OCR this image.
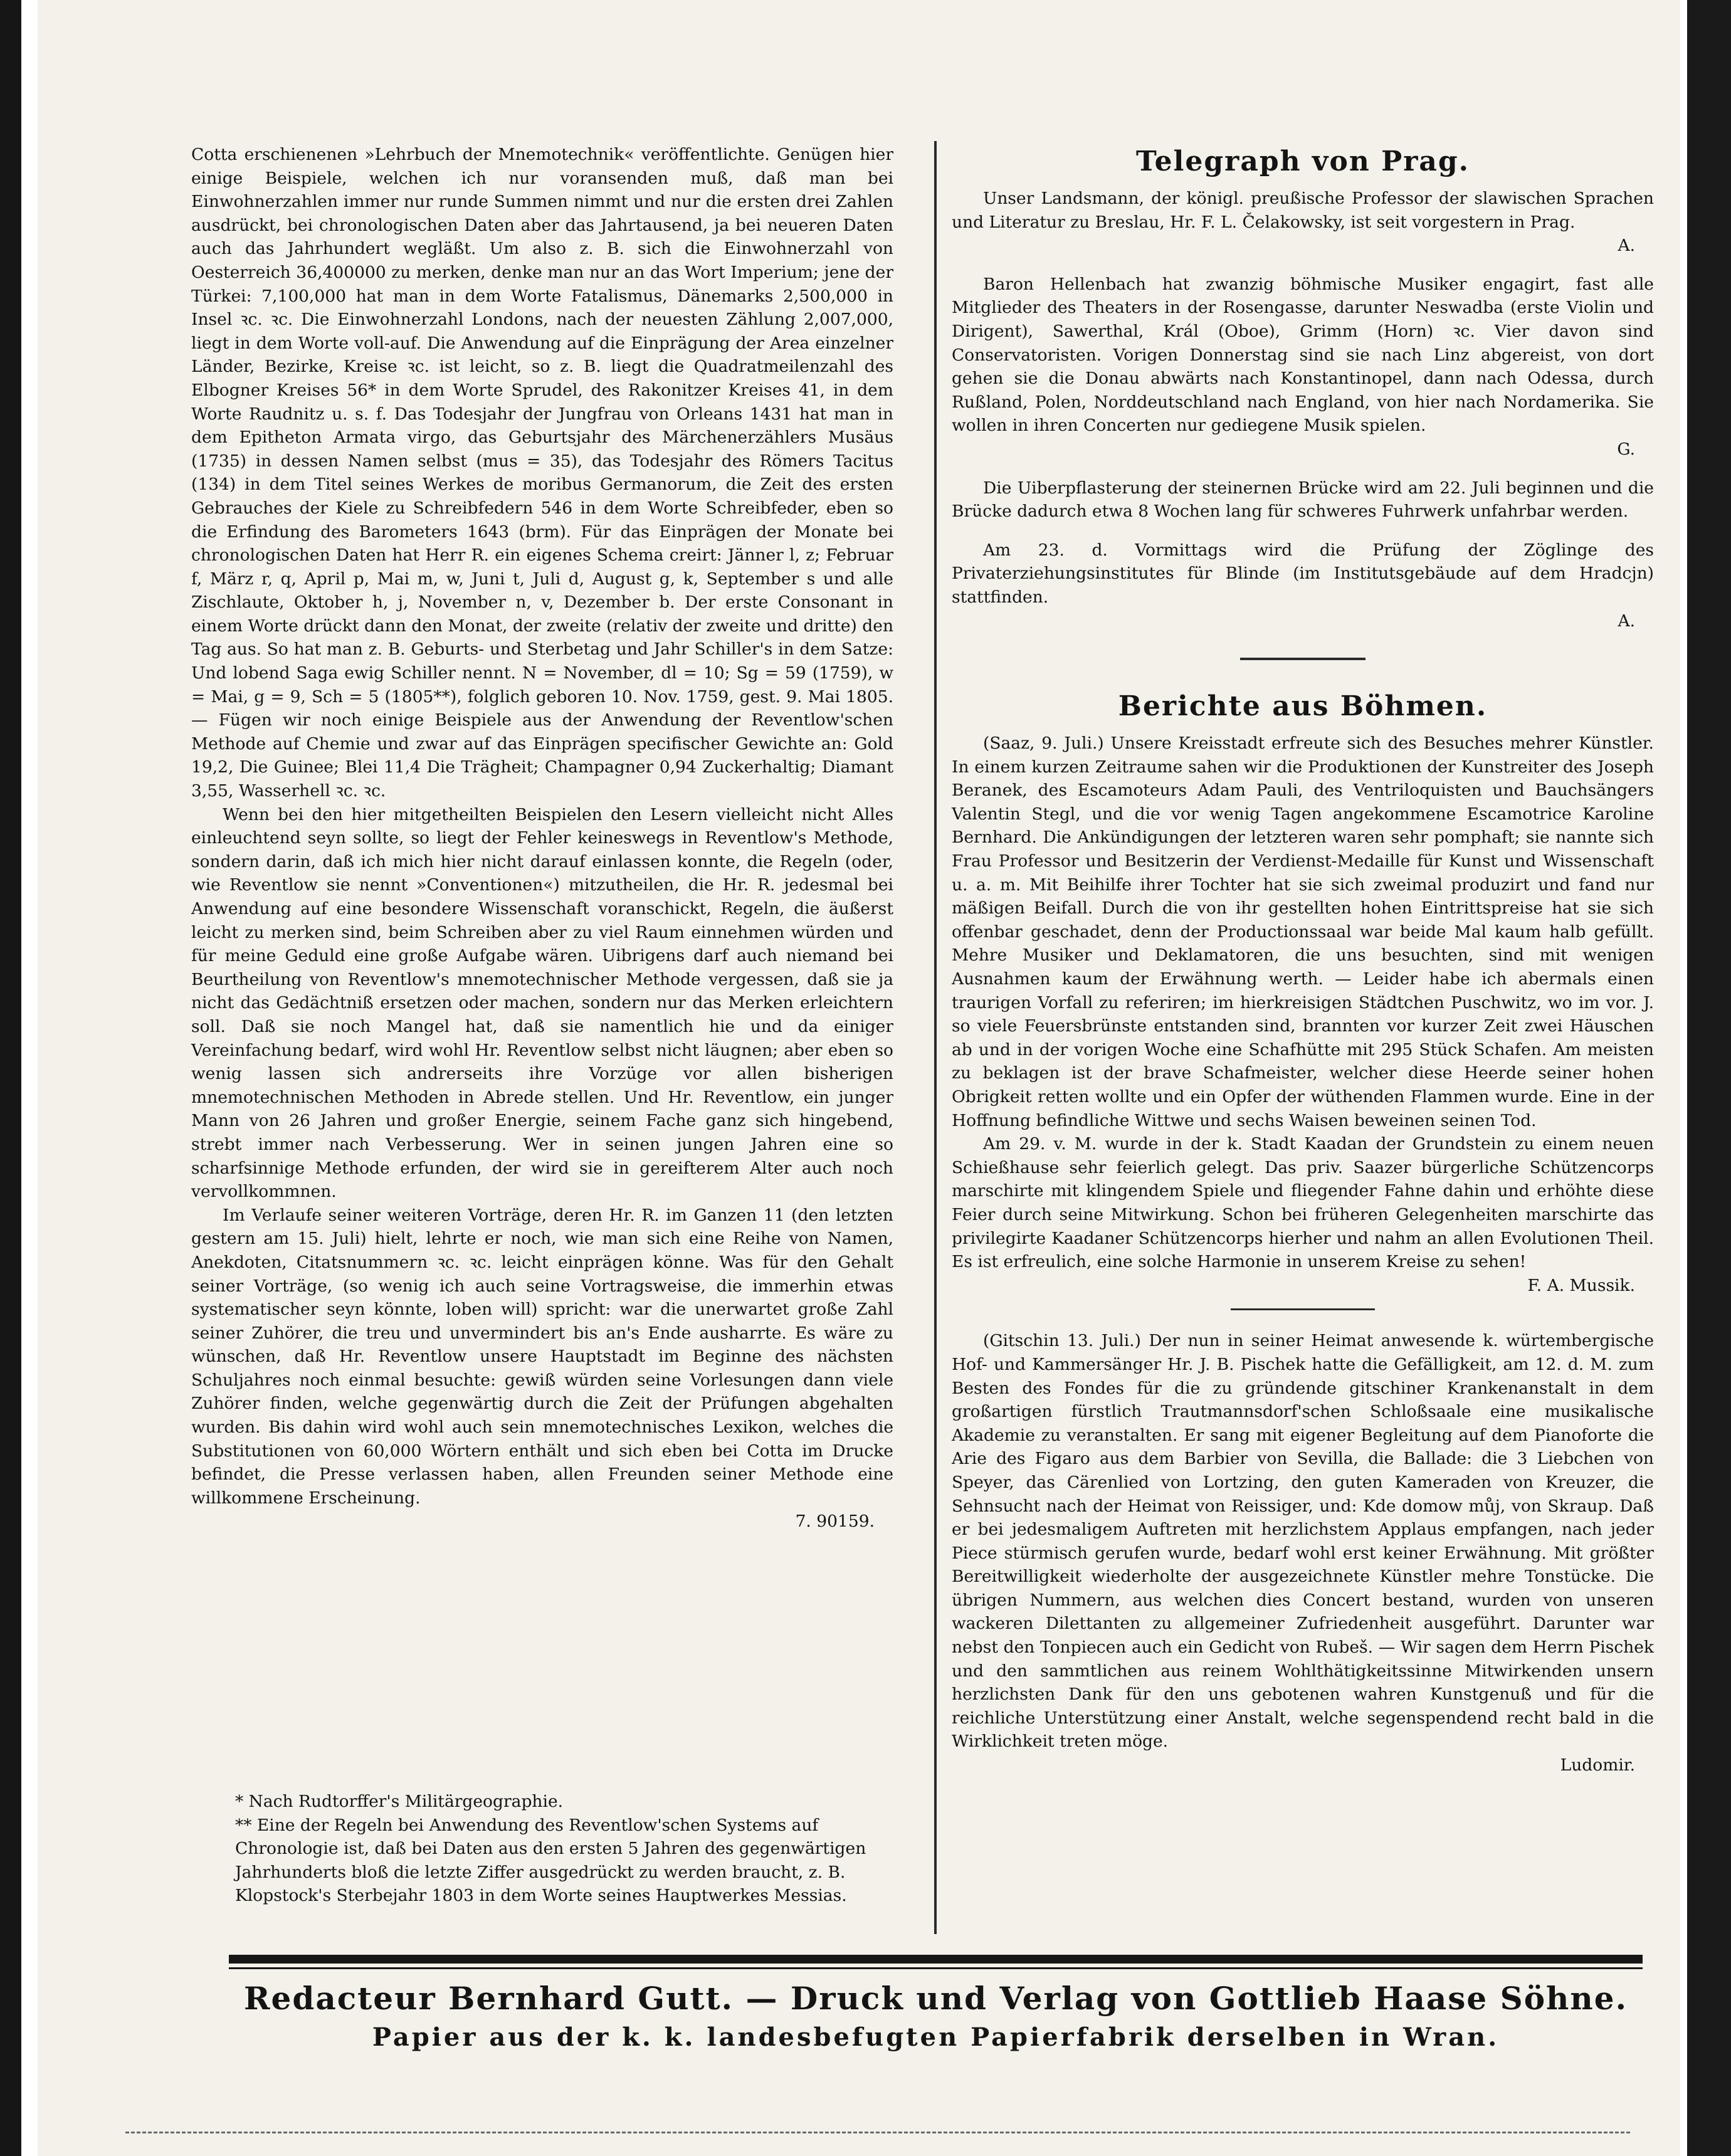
Cotta erschienenen »Lehrbuch der Mnemotechnik« veröffentlichte. Genügen hier einige Beispiele, welchen ich nur voransenden muß, daß man bei Einwohnerzahlen immer nur runde Summen nimmt und nur die ersten drei Zahlen ausdrückt, bei chronologischen Daten aber das Jahrtausend, ja bei neueren Daten auch das Jahrhundert wegläßt. Um also z. B. sich die Einwohnerzahl von Oesterreich 36,400000 zu merken, denke man nur an das Wort Imperium; jene der Türkei: 7,100,000 hat man in dem Worte Fatalismus, Dänemarks 2,500,000 in Insel ꝛc. ꝛc. Die Einwohnerzahl Londons, nach der neuesten Zählung 2,007,000, liegt in dem Worte voll-auf. Die Anwendung auf die Einprägung der Area einzelner Länder, Bezirke, Kreise ꝛc. ist leicht, so z. B. liegt die Quadratmeilenzahl des Elbogner Kreises 56* in dem Worte Sprudel, des Rakonitzer Kreises 41, in dem Worte Raudnitz u. s. f. Das Todesjahr der Jungfrau von Orleans 1431 hat man in dem Epitheton Armata virgo, das Geburtsjahr des Märchenerzählers Musäus (1735) in dessen Namen selbst (mus = 35), das Todesjahr des Römers Tacitus (134) in dem Titel seines Werkes de moribus Germanorum, die Zeit des ersten Gebrauches der Kiele zu Schreibfedern 546 in dem Worte Schreibfeder, eben so die Erfindung des Barometers 1643 (brm). Für das Einprägen der Monate bei chronologischen Daten hat Herr R. ein eigenes Schema creirt: Jänner l, z; Februar f, März r, q, April p, Mai m, w, Juni t, Juli d, August g, k, September s und alle Zischlaute, Oktober h, j, November n, v, Dezember b. Der erste Consonant in einem Worte drückt dann den Monat, der zweite (relativ der zweite und dritte) den Tag aus. So hat man z. B. Geburts- und Sterbetag und Jahr Schiller's in dem Satze: Und lobend Saga ewig Schiller nennt. N = November, dl = 10; Sg = 59 (1759), w = Mai, g = 9, Sch = 5 (1805**), folglich geboren 10. Nov. 1759, gest. 9. Mai 1805. — Fügen wir noch einige Beispiele aus der Anwendung der Reventlow'schen Methode auf Chemie und zwar auf das Einprägen specifischer Gewichte an: Gold 19,2, Die Guinee; Blei 11,4 Die Trägheit; Champagner 0,94 Zuckerhaltig; Diamant 3,55, Wasserhell ꝛc. ꝛc.

Wenn bei den hier mitgetheilten Beispielen den Lesern vielleicht nicht Alles einleuchtend seyn sollte, so liegt der Fehler keineswegs in Reventlow's Methode, sondern darin, daß ich mich hier nicht darauf einlassen konnte, die Regeln (oder, wie Reventlow sie nennt »Conventionen«) mitzutheilen, die Hr. R. jedesmal bei Anwendung auf eine besondere Wissenschaft voranschickt, Regeln, die äußerst leicht zu merken sind, beim Schreiben aber zu viel Raum einnehmen würden und für meine Geduld eine große Aufgabe wären. Uibrigens darf auch niemand bei Beurtheilung von Reventlow's mnemotechnischer Methode vergessen, daß sie ja nicht das Gedächtniß ersetzen oder machen, sondern nur das Merken erleichtern soll. Daß sie noch Mangel hat, daß sie namentlich hie und da einiger Vereinfachung bedarf, wird wohl Hr. Reventlow selbst nicht läugnen; aber eben so wenig lassen sich andrerseits ihre Vorzüge vor allen bisherigen mnemotechnischen Methoden in Abrede stellen. Und Hr. Reventlow, ein junger Mann von 26 Jahren und großer Energie, seinem Fache ganz sich hingebend, strebt immer nach Verbesserung. Wer in seinen jungen Jahren eine so scharfsinnige Methode erfunden, der wird sie in gereifterem Alter auch noch vervollkommnen.

Im Verlaufe seiner weiteren Vorträge, deren Hr. R. im Ganzen 11 (den letzten gestern am 15. Juli) hielt, lehrte er noch, wie man sich eine Reihe von Namen, Anekdoten, Citatsnummern ꝛc. ꝛc. leicht einprägen könne. Was für den Gehalt seiner Vorträge, (so wenig ich auch seine Vortragsweise, die immerhin etwas systematischer seyn könnte, loben will) spricht: war die unerwartet große Zahl seiner Zuhörer, die treu und unvermindert bis an's Ende ausharrte. Es wäre zu wünschen, daß Hr. Reventlow unsere Hauptstadt im Beginne des nächsten Schuljahres noch einmal besuchte: gewiß würden seine Vorlesungen dann viele Zuhörer finden, welche gegenwärtig durch die Zeit der Prüfungen abgehalten wurden. Bis dahin wird wohl auch sein mnemotechnisches Lexikon, welches die Substitutionen von 60,000 Wörtern enthält und sich eben bei Cotta im Drucke befindet, die Presse verlassen haben, allen Freunden seiner Methode eine willkommene Erscheinung.

7. 90159.

* Nach Rudtorffer's Militärgeographie.

** Eine der Regeln bei Anwendung des Reventlow'schen Systems auf Chronologie ist, daß bei Daten aus den ersten 5 Jahren des gegenwärtigen Jahrhunderts bloß die letzte Ziffer ausgedrückt zu werden braucht, z. B. Klopstock's Sterbejahr 1803 in dem Worte seines Hauptwerkes Messias.

Telegraph von Prag.

Unser Landsmann, der königl. preußische Professor der slawischen Sprachen und Literatur zu Breslau, Hr. F. L. Čelakowsky, ist seit vorgestern in Prag.

A.

Baron Hellenbach hat zwanzig böhmische Musiker engagirt, fast alle Mitglieder des Theaters in der Rosengasse, darunter Neswadba (erste Violin und Dirigent), Sawerthal, Král (Oboe), Grimm (Horn) ꝛc. Vier davon sind Conservatoristen. Vorigen Donnerstag sind sie nach Linz abgereist, von dort gehen sie die Donau abwärts nach Konstantinopel, dann nach Odessa, durch Rußland, Polen, Norddeutschland nach England, von hier nach Nordamerika. Sie wollen in ihren Concerten nur gediegene Musik spielen.

G.

Die Uiberpflasterung der steinernen Brücke wird am 22. Juli beginnen und die Brücke dadurch etwa 8 Wochen lang für schweres Fuhrwerk unfahrbar werden.

Am 23. d. Vormittags wird die Prüfung der Zöglinge des Privaterziehungsinstitutes für Blinde (im Institutsgebäude auf dem Hradcjn) stattfinden.

A.
Berichte aus Böhmen.

(Saaz, 9. Juli.) Unsere Kreisstadt erfreute sich des Besuches mehrer Künstler. In einem kurzen Zeitraume sahen wir die Produktionen der Kunstreiter des Joseph Beranek, des Escamoteurs Adam Pauli, des Ventriloquisten und Bauchsängers Valentin Stegl, und die vor wenig Tagen angekommene Escamotrice Karoline Bernhard. Die Ankündigungen der letzteren waren sehr pomphaft; sie nannte sich Frau Professor und Besitzerin der Verdienst-Medaille für Kunst und Wissenschaft u. a. m. Mit Beihilfe ihrer Tochter hat sie sich zweimal produzirt und fand nur mäßigen Beifall. Durch die von ihr gestellten hohen Eintrittspreise hat sie sich offenbar geschadet, denn der Productionssaal war beide Mal kaum halb gefüllt. Mehre Musiker und Deklamatoren, die uns besuchten, sind mit wenigen Ausnahmen kaum der Erwähnung werth. — Leider habe ich abermals einen traurigen Vorfall zu referiren; im hierkreisigen Städtchen Puschwitz, wo im vor. J. so viele Feuersbrünste entstanden sind, brannten vor kurzer Zeit zwei Häuschen ab und in der vorigen Woche eine Schafhütte mit 295 Stück Schafen. Am meisten zu beklagen ist der brave Schafmeister, welcher diese Heerde seiner hohen Obrigkeit retten wollte und ein Opfer der wüthenden Flammen wurde. Eine in der Hoffnung befindliche Wittwe und sechs Waisen beweinen seinen Tod.

Am 29. v. M. wurde in der k. Stadt Kaadan der Grundstein zu einem neuen Schießhause sehr feierlich gelegt. Das priv. Saazer bürgerliche Schützencorps marschirte mit klingendem Spiele und fliegender Fahne dahin und erhöhte diese Feier durch seine Mitwirkung. Schon bei früheren Gelegenheiten marschirte das privilegirte Kaadaner Schützencorps hierher und nahm an allen Evolutionen Theil. Es ist erfreulich, eine solche Harmonie in unserem Kreise zu sehen!

F. A. Mussik.

(Gitschin 13. Juli.) Der nun in seiner Heimat anwesende k. würtembergische Hof- und Kammersänger Hr. J. B. Pischek hatte die Gefälligkeit, am 12. d. M. zum Besten des Fondes für die zu gründende gitschiner Krankenanstalt in dem großartigen fürstlich Trautmannsdorf'schen Schloßsaale eine musikalische Akademie zu veranstalten. Er sang mit eigener Begleitung auf dem Pianoforte die Arie des Figaro aus dem Barbier von Sevilla, die Ballade: die 3 Liebchen von Speyer, das Cärenlied von Lortzing, den guten Kameraden von Kreuzer, die Sehnsucht nach der Heimat von Reissiger, und: Kde domow můj, von Skraup. Daß er bei jedesmaligem Auftreten mit herzlichstem Applaus empfangen, nach jeder Piece stürmisch gerufen wurde, bedarf wohl erst keiner Erwähnung. Mit größter Bereitwilligkeit wiederholte der ausgezeichnete Künstler mehre Tonstücke. Die übrigen Nummern, aus welchen dies Concert bestand, wurden von unseren wackeren Dilettanten zu allgemeiner Zufriedenheit ausgeführt. Darunter war nebst den Tonpiecen auch ein Gedicht von Rubeš. — Wir sagen dem Herrn Pischek und den sammtlichen aus reinem Wohlthätigkeitssinne Mitwirkenden unsern herzlichsten Dank für den uns gebotenen wahren Kunstgenuß und für die reichliche Unterstützung einer Anstalt, welche segenspendend recht bald in die Wirklichkeit treten möge.

Ludomir.
Redacteur Bernhard Gutt. — Druck und Verlag von Gottlieb Haase Söhne.
Papier aus der k. k. landesbefugten Papierfabrik derselben in Wran.
